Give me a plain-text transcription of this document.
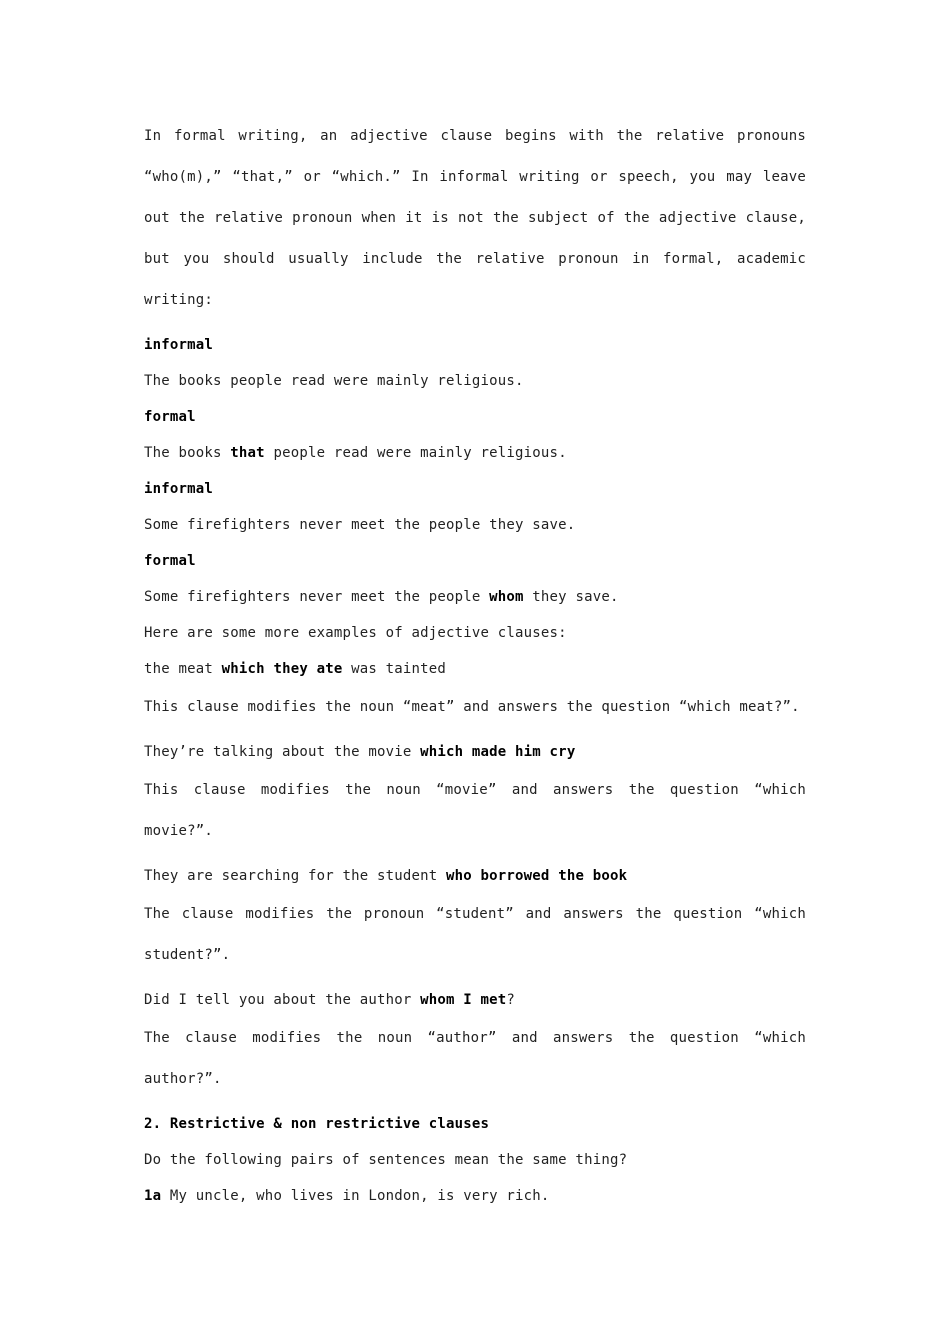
In formal writing, an adjective clause begins with the relative pronouns “who(m),” “that,” or “which.” In informal writing or speech, you may leave out the relative pronoun when it is not the subject of the adjective clause, but you should usually include the relative pronoun in formal, academic writing:

informal

The books people read were mainly religious.

formal

The books that people read were mainly religious.

informal

Some firefighters never meet the people they save.

formal

Some firefighters never meet the people whom they save.

Here are some more examples of adjective clauses:

the meat which they ate was tainted

This clause modifies the noun “meat” and answers the question “which meat?”.

They’re talking about the movie which made him cry

This clause modifies the noun “movie” and answers the question “which movie?”.

They are searching for the student who borrowed the book

The clause modifies the pronoun “student” and answers the question “which student?”.

Did I tell you about the author whom I met?

The clause modifies the noun “author” and answers the question “which author?”.

2. Restrictive & non restrictive clauses

Do the following pairs of sentences mean the same thing?

1a My uncle, who lives in London, is very rich.
